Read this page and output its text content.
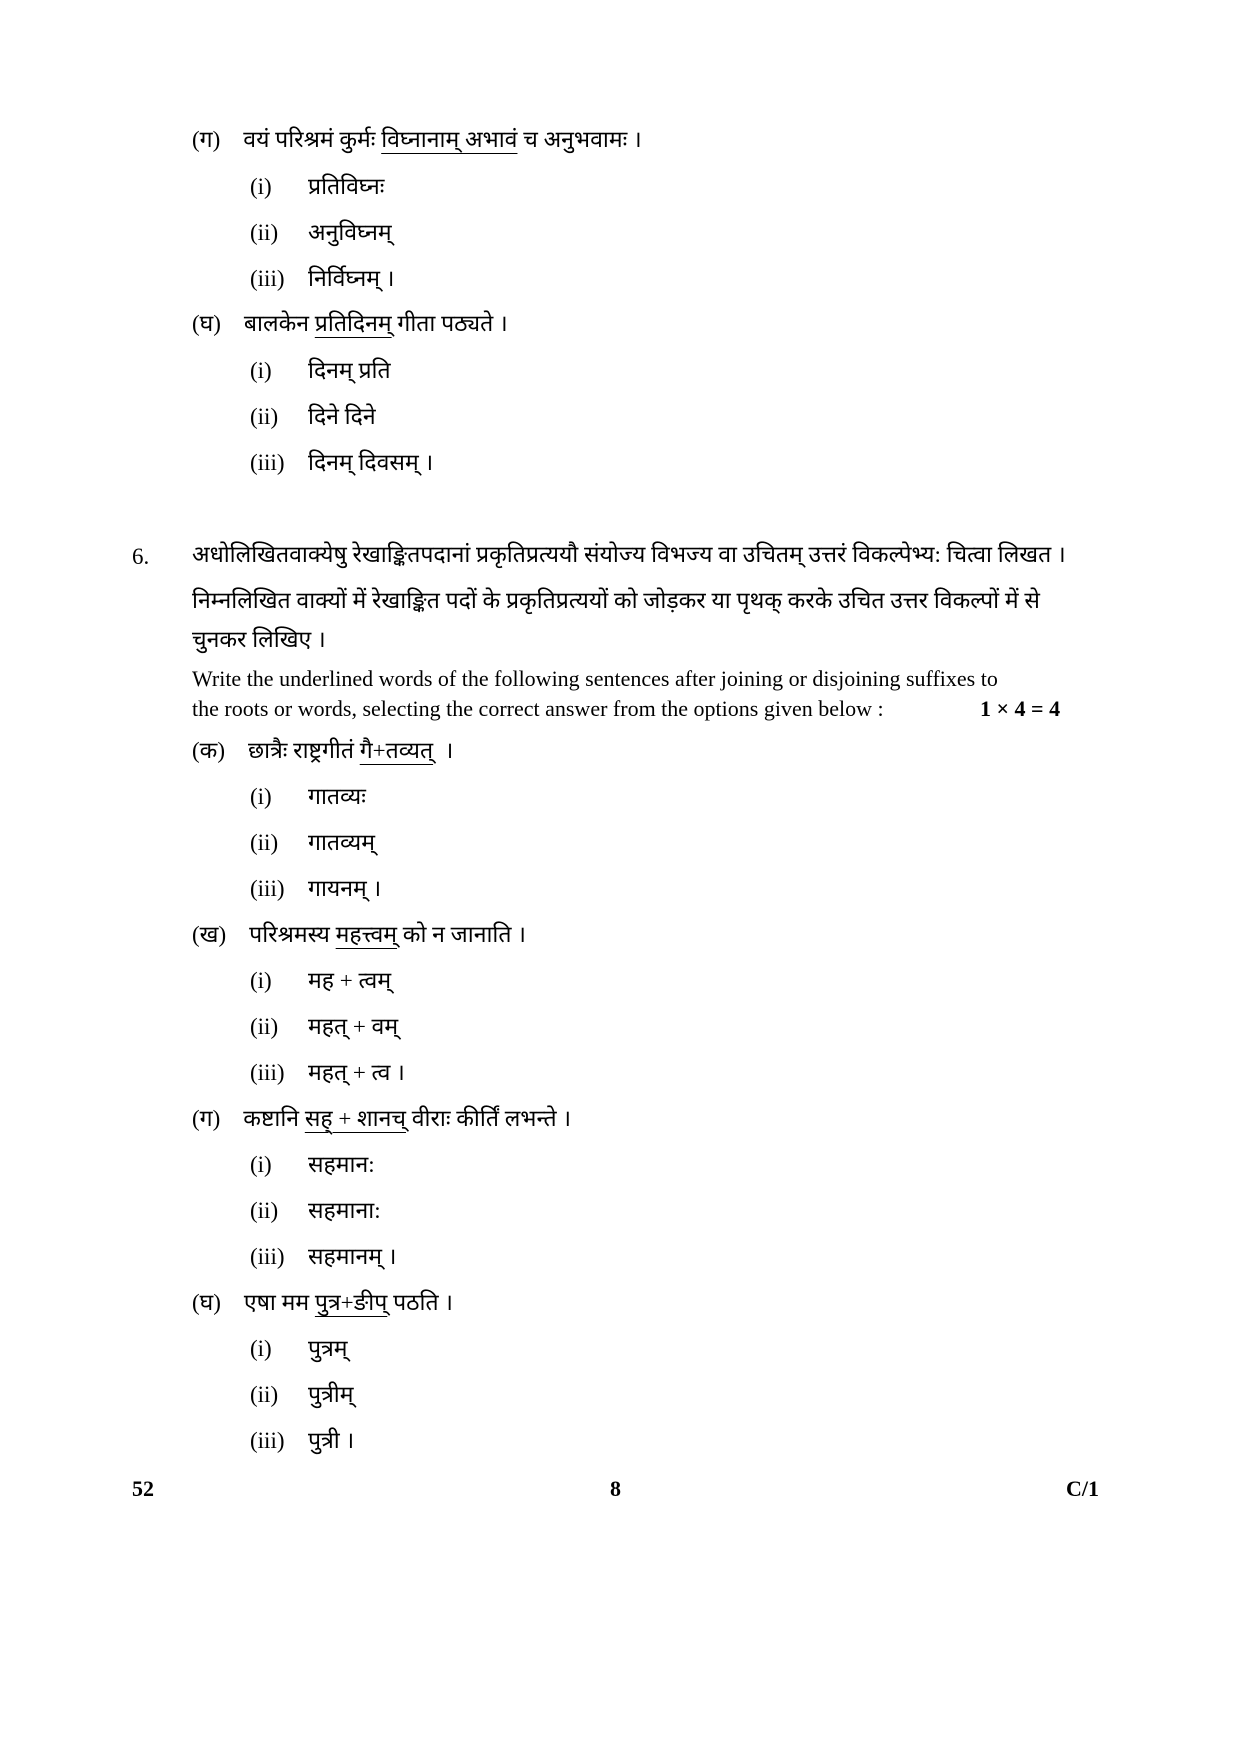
(ग) वयं परिश्रमं कुर्मः विघ्नानाम् अभावं च अनुभवामः ।
(i) प्रतिविघ्नः
(ii) अनुविघ्नम्
(iii) निर्विघ्नम् ।
(घ) बालकेन प्रतिदिनम् गीता पठ्यते ।
(i) दिनम् प्रति
(ii) दिने दिने
(iii) दिनम् दिवसम् ।
6. अधोलिखितवाक्येषु रेखाङ्कितपदानां प्रकृतिप्रत्ययौ संयोज्य विभज्य वा उचितम् उत्तरं विकल्पेभ्य: चित्वा लिखत ।
निम्नलिखित वाक्यों में रेखाङ्कित पदों के प्रकृतिप्रत्ययों को जोड़कर या पृथक् करके उचित उत्तर विकल्पों में से
चुनकर लिखिए ।
Write the underlined words of the following sentences after joining or disjoining suffixes to
the roots or words, selecting the correct answer from the options given below :	1 × 4 = 4
(क) छात्रैः राष्ट्रगीतं गै+तव्यत् ।
(i) गातव्यः
(ii) गातव्यम्
(iii) गायनम् ।
(ख) परिश्रमस्य महत्त्वम् को न जानाति ।
(i) मह + त्वम्
(ii) महत् + वम्
(iii) महत् + त्व ।
(ग) कष्टानि सह् + शानच् वीराः कीर्तिं लभन्ते ।
(i) सहमान:
(ii) सहमाना:
(iii) सहमानम् ।
(घ) एषा मम पुत्र+ङीप् पठति ।
(i) पुत्रम्
(ii) पुत्रीम्
(iii) पुत्री ।
52	8	C/1
